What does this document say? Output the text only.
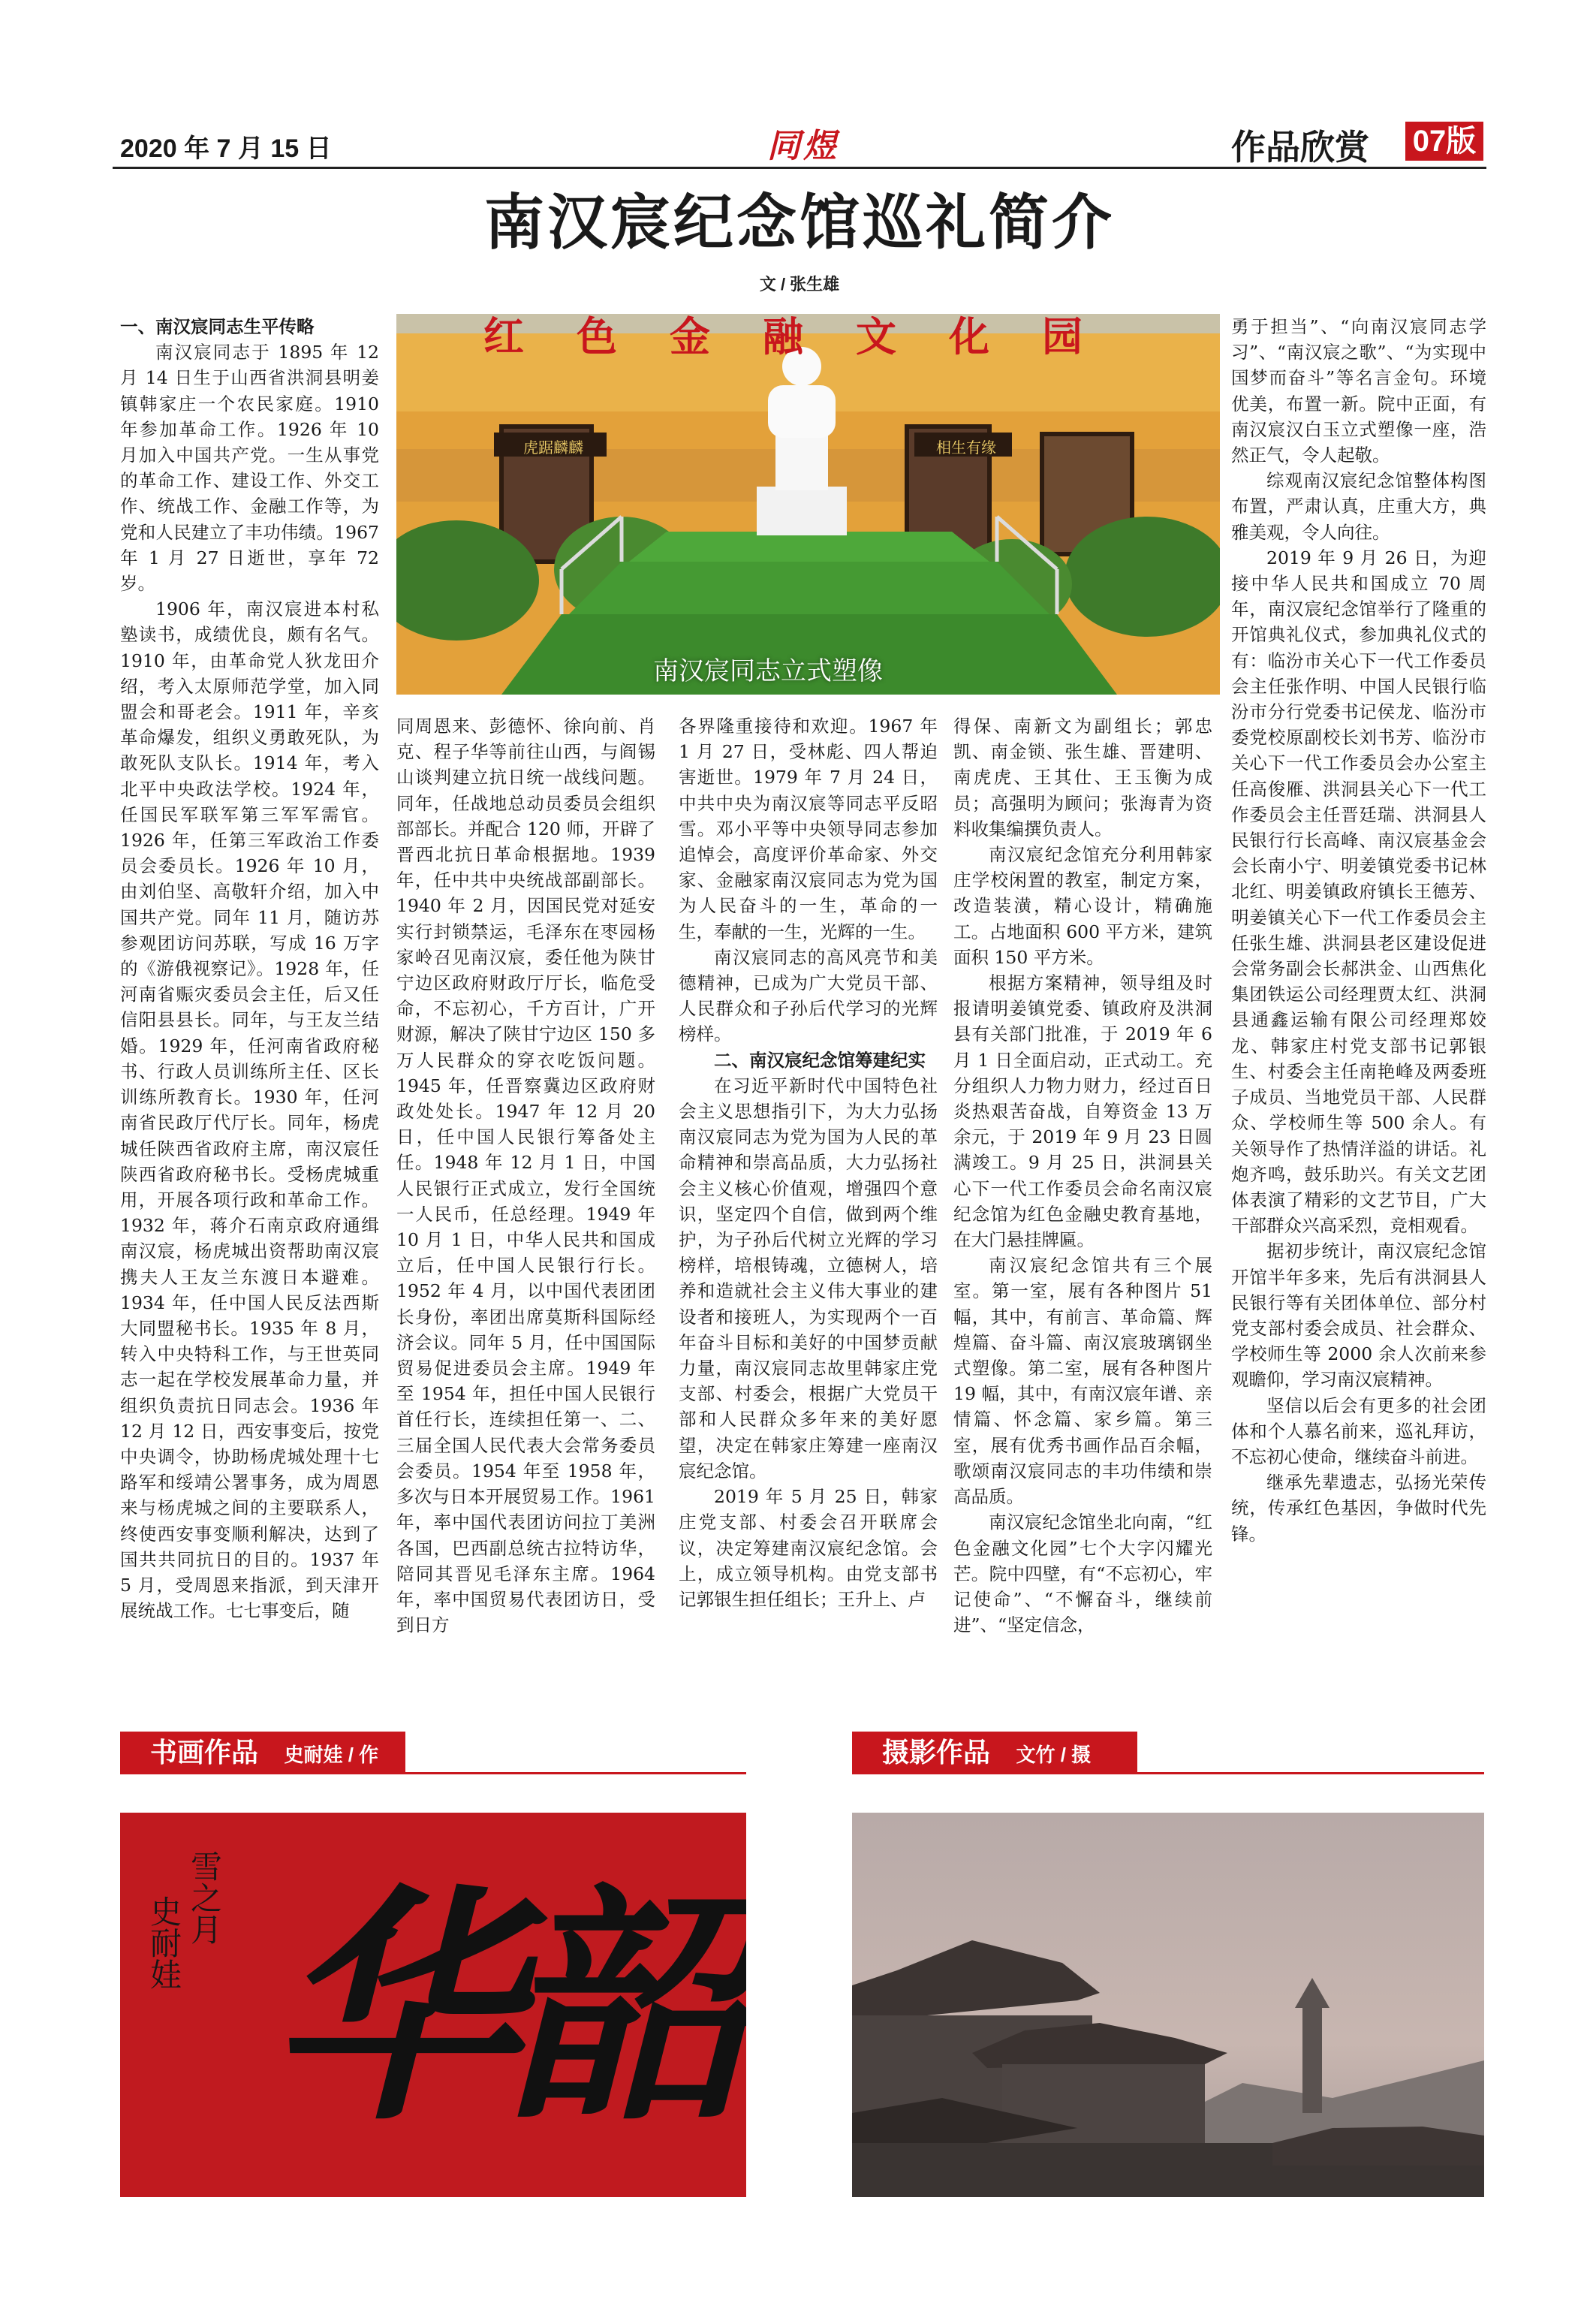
2020 年 7 月 15 日	同煜	作品欣赏 07版
南汉宸纪念馆巡礼简介
文 / 张生雄
红色金融文化园
虎踞麟麟	相生有缘
南汉宸同志立式塑像

一、南汉宸同志生平传略

南汉宸同志于 1895 年 12 月 14 日生于山西省洪洞县明姜镇韩家庄一个农民家庭。1910 年参加革命工作。1926 年 10 月加入中国共产党。一生从事党的革命工作、建设工作、外交工作、统战工作、金融工作等，为党和人民建立了丰功伟绩。1967 年 1 月 27 日逝世，享年 72 岁。

1906 年，南汉宸进本村私塾读书，成绩优良，颇有名气。1910 年，由革命党人狄龙田介绍，考入太原师范学堂，加入同盟会和哥老会。1911 年，辛亥革命爆发，组织义勇敢死队，为敢死队支队长。1914 年，考入北平中央政法学校。1924 年，任国民军联军第三军军需官。1926 年，任第三军政治工作委员会委员长。1926 年 10 月，由刘伯坚、高敬轩介绍，加入中国共产党。同年 11 月，随访苏参观团访问苏联，写成 16 万字的《游俄视察记》。1928 年，任河南省赈灾委员会主任，后又任信阳县县长。同年，与王友兰结婚。1929 年，任河南省政府秘书、行政人员训练所主任、区长训练所教育长。1930 年，任河南省民政厅代厅长。同年，杨虎城任陕西省政府主席，南汉宸任陕西省政府秘书长。受杨虎城重用，开展各项行政和革命工作。1932 年，蒋介石南京政府通缉南汉宸，杨虎城出资帮助南汉宸携夫人王友兰东渡日本避难。1934 年，任中国人民反法西斯大同盟秘书长。1935 年 8 月，转入中央特科工作，与王世英同志一起在学校发展革命力量，并组织负责抗日同志会。1936 年 12 月 12 日，西安事变后，按党中央调令，协助杨虎城处理十七路军和绥靖公署事务，成为周恩来与杨虎城之间的主要联系人，终使西安事变顺利解决，达到了国共共同抗日的目的。1937 年 5 月，受周恩来指派，到天津开展统战工作。七七事变后，随

同周恩来、彭德怀、徐向前、肖克、程子华等前往山西，与阎锡山谈判建立抗日统一战线问题。同年，任战地总动员委员会组织部部长。并配合 120 师，开辟了晋西北抗日革命根据地。1939 年，任中共中央统战部副部长。1940 年 2 月，因国民党对延安实行封锁禁运，毛泽东在枣园杨家岭召见南汉宸，委任他为陕甘宁边区政府财政厅厅长，临危受命，不忘初心，千方百计，广开财源，解决了陕甘宁边区 150 多万人民群众的穿衣吃饭问题。1945 年，任晋察冀边区政府财政处处长。1947 年 12 月 20 日，任中国人民银行筹备处主任。1948 年 12 月 1 日，中国人民银行正式成立，发行全国统一人民币，任总经理。1949 年 10 月 1 日，中华人民共和国成立后，任中国人民银行行长。1952 年 4 月，以中国代表团团长身份，率团出席莫斯科国际经济会议。同年 5 月，任中国国际贸易促进委员会主席。1949 年至 1954 年，担任中国人民银行首任行长，连续担任第一、二、三届全国人民代表大会常务委员会委员。1954 年至 1958 年，多次与日本开展贸易工作。1961 年，率中国代表团访问拉丁美洲各国，巴西副总统古拉特访华，陪同其晋见毛泽东主席。1964 年，率中国贸易代表团访日，受到日方

各界隆重接待和欢迎。1967 年 1 月 27 日，受林彪、四人帮迫害逝世。1979 年 7 月 24 日，中共中央为南汉宸等同志平反昭雪。邓小平等中央领导同志参加追悼会，高度评价革命家、外交家、金融家南汉宸同志为党为国为人民奋斗的一生，革命的一生，奉献的一生，光辉的一生。

南汉宸同志的高风亮节和美德精神，已成为广大党员干部、人民群众和子孙后代学习的光辉榜样。

二、南汉宸纪念馆筹建纪实

在习近平新时代中国特色社会主义思想指引下，为大力弘扬南汉宸同志为党为国为人民的革命精神和崇高品质，大力弘扬社会主义核心价值观，增强四个意识，坚定四个自信，做到两个维护，为子孙后代树立光辉的学习榜样，培根铸魂，立德树人，培养和造就社会主义伟大事业的建设者和接班人，为实现两个一百年奋斗目标和美好的中国梦贡献力量，南汉宸同志故里韩家庄党支部、村委会，根据广大党员干部和人民群众多年来的美好愿望，决定在韩家庄筹建一座南汉宸纪念馆。

2019 年 5 月 25 日，韩家庄党支部、村委会召开联席会议，决定筹建南汉宸纪念馆。会上，成立领导机构。由党支部书记郭银生担任组长；王升上、卢

得保、南新文为副组长；郭忠凯、南金锁、张生雄、晋建明、南虎虎、王其仕、王玉衡为成员；高强明为顾问；张海青为资料收集编撰负责人。

南汉宸纪念馆充分利用韩家庄学校闲置的教室，制定方案，改造装潢，精心设计，精确施工。占地面积 600 平方米，建筑面积 150 平方米。

根据方案精神，领导组及时报请明姜镇党委、镇政府及洪洞县有关部门批准，于 2019 年 6 月 1 日全面启动，正式动工。充分组织人力物力财力，经过百日炎热艰苦奋战，自筹资金 13 万余元，于 2019 年 9 月 23 日圆满竣工。9 月 25 日，洪洞县关心下一代工作委员会命名南汉宸纪念馆为红色金融史教育基地，在大门悬挂牌匾。

南汉宸纪念馆共有三个展室。第一室，展有各种图片 51 幅，其中，有前言、革命篇、辉煌篇、奋斗篇、南汉宸玻璃钢坐式塑像。第二室，展有各种图片 19 幅，其中，有南汉宸年谱、亲情篇、怀念篇、家乡篇。第三室，展有优秀书画作品百余幅，歌颂南汉宸同志的丰功伟绩和崇高品质。

南汉宸纪念馆坐北向南，“红色金融文化园”七个大字闪耀光芒。院中四壁，有“不忘初心，牢记使命”、“不懈奋斗，继续前进”、“坚定信念，

勇于担当”、“向南汉宸同志学习”、“南汉宸之歌”、“为实现中国梦而奋斗”等名言金句。环境优美，布置一新。院中正面，有南汉宸汉白玉立式塑像一座，浩然正气，令人起敬。

综观南汉宸纪念馆整体构图布置，严肃认真，庄重大方，典雅美观，令人向往。

2019 年 9 月 26 日，为迎接中华人民共和国成立 70 周年，南汉宸纪念馆举行了隆重的开馆典礼仪式，参加典礼仪式的有：临汾市关心下一代工作委员会主任张作明、中国人民银行临汾市分行党委书记侯龙、临汾市委党校原副校长刘书芳、临汾市关心下一代工作委员会办公室主任高俊雁、洪洞县关心下一代工作委员会主任晋廷瑞、洪洞县人民银行行长高峰、南汉宸基金会会长南小宁、明姜镇党委书记林北红、明姜镇政府镇长王德芳、明姜镇关心下一代工作委员会主任张生雄、洪洞县老区建设促进会常务副会长郝洪金、山西焦化集团铁运公司经理贾太红、洪洞县通鑫运输有限公司经理郑姣龙、韩家庄村党支部书记郭银生、村委会主任南艳峰及两委班子成员、当地党员干部、人民群众、学校师生等 500 余人。有关领导作了热情洋溢的讲话。礼炮齐鸣，鼓乐助兴。有关文艺团体表演了精彩的文艺节目，广大干部群众兴高采烈，竞相观看。

据初步统计，南汉宸纪念馆开馆半年多来，先后有洪洞县人民银行等有关团体单位、部分村党支部村委会成员、社会群众、学校师生等 2000 余人次前来参观瞻仰，学习南汉宸精神。

坚信以后会有更多的社会团体和个人慕名前来，巡礼拜访，不忘初心使命，继续奋斗前进。

继承先辈遗志，弘扬光荣传统，传承红色基因，争做时代先锋。

书画作品 史耐娃 / 作
华韶
雪之月
史耐娃
摄影作品 文竹 / 摄
